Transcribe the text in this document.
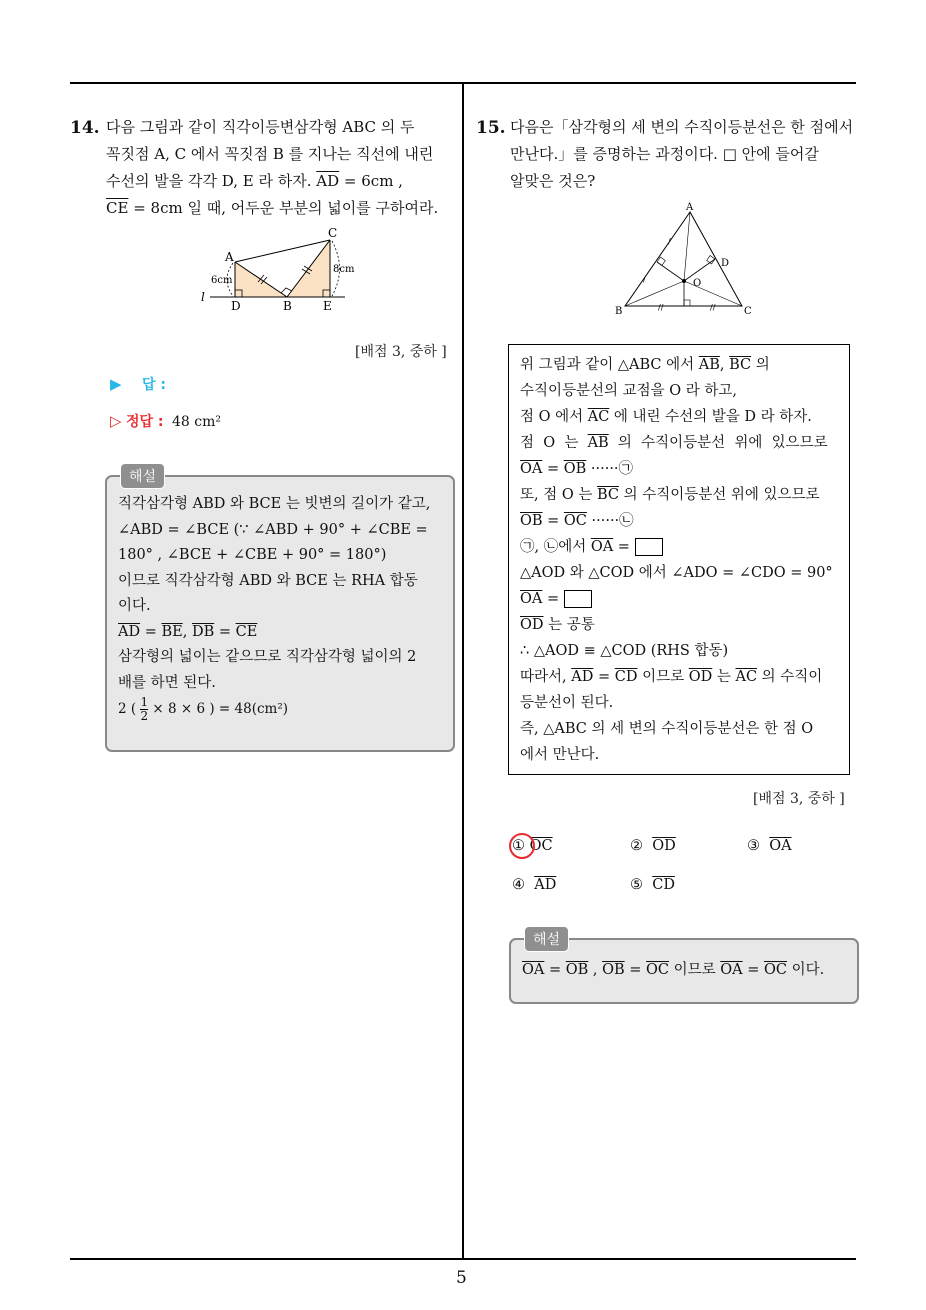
5
14. 다음 그림과 같이 직각이등변삼각형 ABC 의 두
꼭짓점 A, C 에서 꼭짓점 B 를 지나는 직선에 내린
수선의 발을 각각 D, E 라 하자. $\overline{AD} = 6cm$ ,
$\overline{CE} = 8cm$ 일 때, 어두운 부분의 넓이를 구하여라.
A
C
D	B	E
l
6cm
8cm
[배점 3, 중하 ]
▶ 답 :
▷ 정답 : 48 cm²
해설
직각삼각형 ABD 와 BCE 는 빗변의 길이가 같고,
∠ABD = ∠BCE (∵ ∠ABD + 90° + ∠CBE =
180° , ∠BCE + ∠CBE + 90° = 180°)
이므로 직각삼각형 ABD 와 BCE 는 RHA 합동
이다.
$\overline{AD} = \overline{BE}$, $\overline{DB} = \overline{CE}$
삼각형의 넓이는 같으므로 직각삼각형 넓이의 2
배를 하면 된다.
2 ( $\frac{1}{2} \times 8 \times 6$ ) = 48(cm²)
15. 다음은「삼각형의 세 변의 수직이등분선은 한 점에서
만난다.」를 증명하는 과정이다. □ 안에 들어갈
알맞은 것은?
/
/
//	//
A
B	C
D
O
위 그림과 같이 △ABC 에서 $\overline{AB}$, $\overline{BC}$ 의
수직이등분선의 교점을 O 라 하고,
점 O 에서 $\overline{AC}$ 에 내린 수선의 발을 D 라 하자.
점  O  는  $\overline{AB}$  의  수직이등분선  위에  있으므로
$\overline{OA} = \overline{OB}$ ······㉠
또, 점 O 는 $\overline{BC}$ 의 수직이등분선 위에 있으므로
$\overline{OB} = \overline{OC}$ ······㉡
㉠, ㉡에서 $\overline{OA}$ =
△AOD 와 △COD 에서 ∠ADO = ∠CDO = 90°
$\overline{OA}$ =
$\overline{OD}$ 는 공통
∴ △AOD ≡ △COD (RHS 합동)
따라서, $\overline{AD} = \overline{CD}$ 이므로 $\overline{OD}$ 는 $\overline{AC}$ 의 수직이
등분선이 된다.
즉, △ABC 의 세 변의 수직이등분선은 한 점 O
에서 만난다.
[배점 3, 중하 ]
① $\overline{OC}$	② $\overline{OD}$	③ $\overline{OA}$
④ $\overline{AD}$	⑤ $\overline{CD}$
해설
$\overline{OA} = \overline{OB}$ , $\overline{OB} = \overline{OC}$ 이므로 $\overline{OA} = \overline{OC}$ 이다.
